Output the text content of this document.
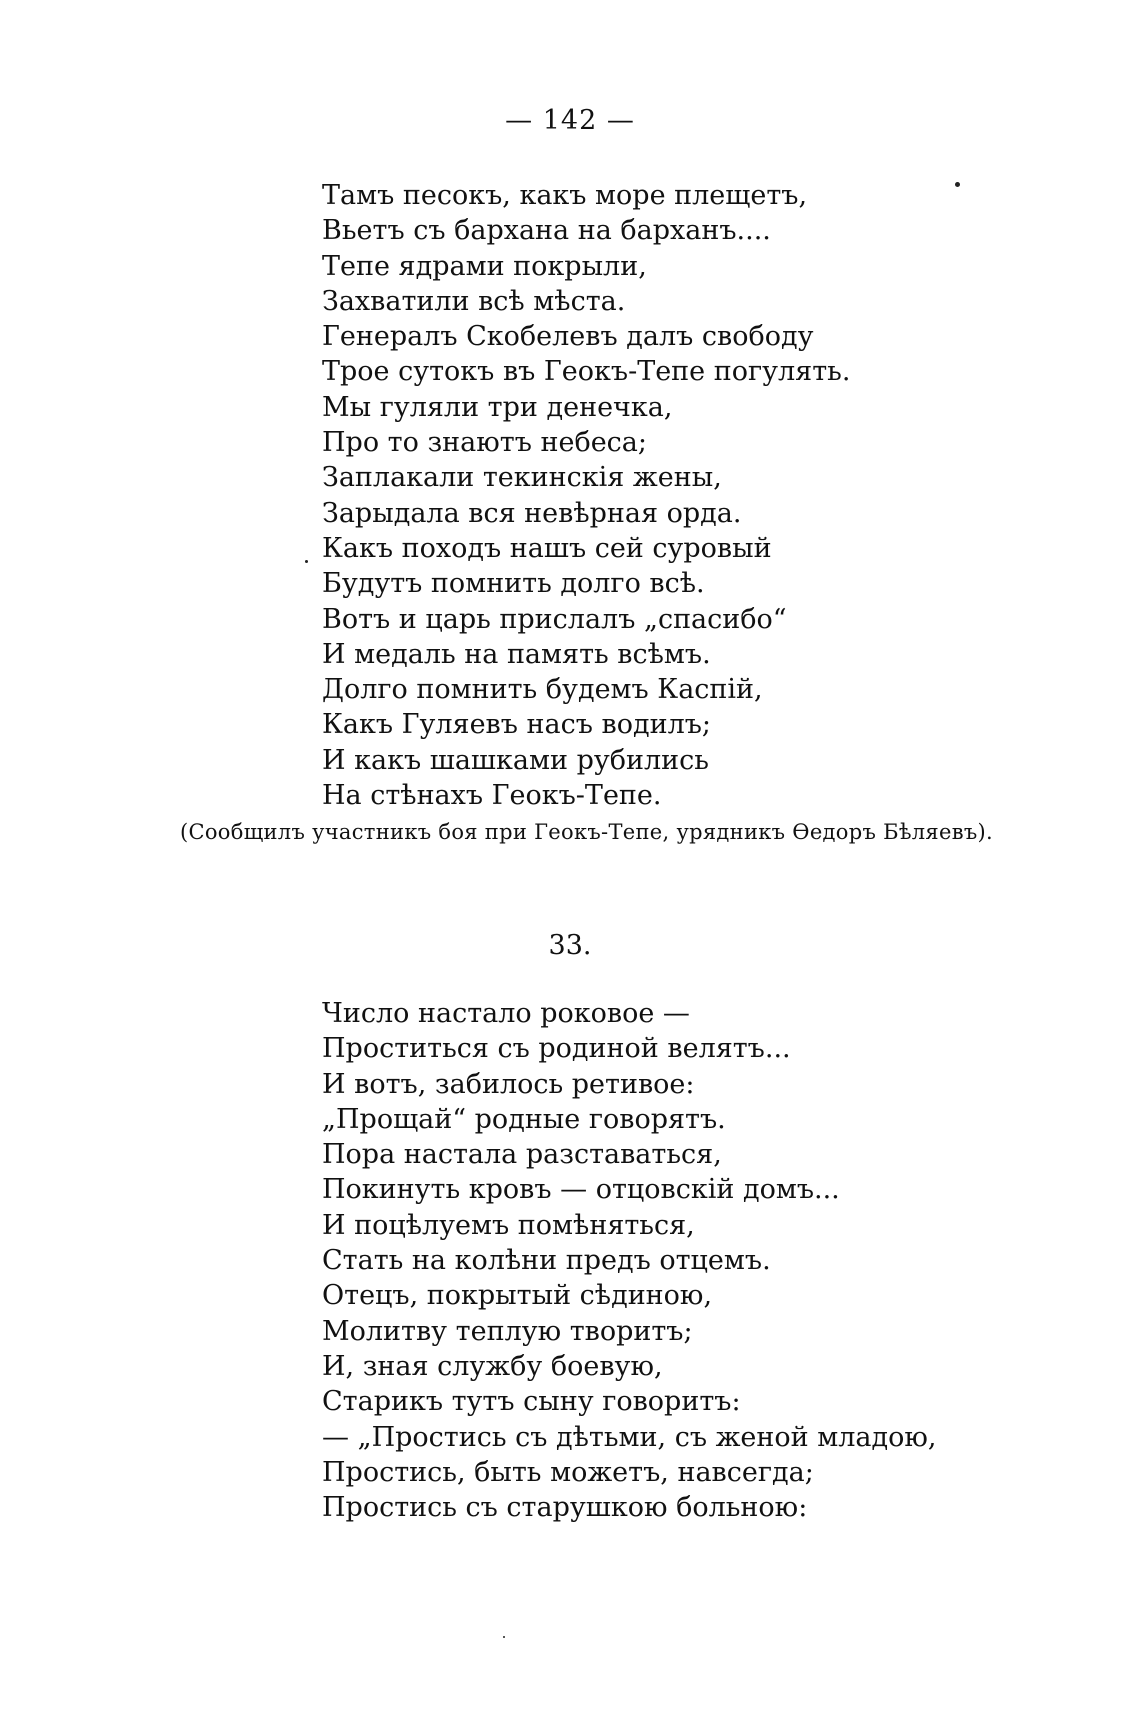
— 142 —
Тамъ песокъ, какъ море плещетъ,
Вьетъ съ бархана на барханъ....
Тепе ядрами покрыли,
Захватили всѣ мѣста.
Генералъ Скобелевъ далъ свободу
Трое сутокъ въ Геокъ-Тепе погулять.
Мы гуляли три денечка,
Про то знаютъ небеса;
Заплакали текинскія жены,
Зарыдала вся невѣрная орда.
Какъ походъ нашъ сей суровый
Будутъ помнить долго всѣ.
Вотъ и царь прислалъ „спасибо“
И медаль на память всѣмъ.
Долго помнить будемъ Каспій,
Какъ Гуляевъ насъ водилъ;
И какъ шашками рубились
На стѣнахъ Геокъ-Тепе.
(Сообщилъ участникъ боя при Геокъ-Тепе, урядникъ Ѳедоръ Бѣляевъ).
33.
Число настало роковое —
Проститься съ родиной велятъ...
И вотъ, забилось ретивое:
„Прощай“ родные говорятъ.
Пора настала разставаться,
Покинуть кровъ — отцовскій домъ...
И поцѣлуемъ помѣняться,
Стать на колѣни предъ отцемъ.
Отецъ, покрытый сѣдиною,
Молитву теплую творитъ;
И, зная службу боевую,
Старикъ тутъ сыну говоритъ:
— „Простись съ дѣтьми, съ женой младою,
Простись, быть можетъ, навсегда;
Простись съ старушкою больною:
